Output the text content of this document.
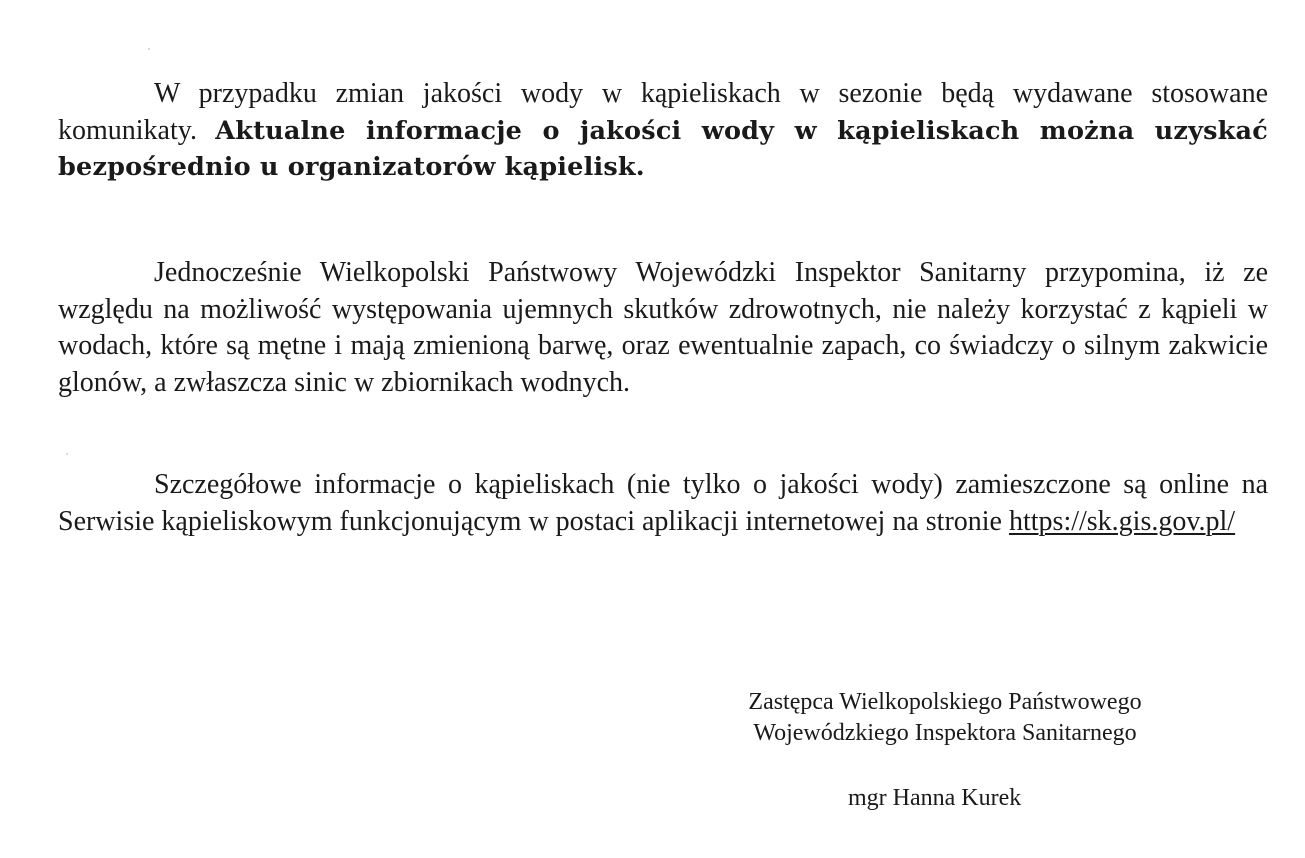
W przypadku zmian jakości wody w kąpieliskach w sezonie będą wydawane stosowane komunikaty. Aktualne informacje o jakości wody w kąpieliskach można uzyskać bezpośrednio u organizatorów kąpielisk.

Jednocześnie Wielkopolski Państwowy Wojewódzki Inspektor Sanitarny przypomina, iż ze względu na możliwość występowania ujemnych skutków zdrowotnych, nie należy korzystać z kąpieli w wodach, które są mętne i mają zmienioną barwę, oraz ewentualnie zapach, co świadczy o silnym zakwicie glonów, a zwłaszcza sinic w zbiornikach wodnych.

Szczegółowe informacje o kąpieliskach (nie tylko o jakości wody) zamieszczone są online na Serwisie kąpieliskowym funkcjonującym w postaci aplikacji internetowej na stronie https://sk.gis.gov.pl/

Zastępca Wielkopolskiego Państwowego

Wojewódzkiego Inspektora Sanitarnego

mgr Hanna Kurek
